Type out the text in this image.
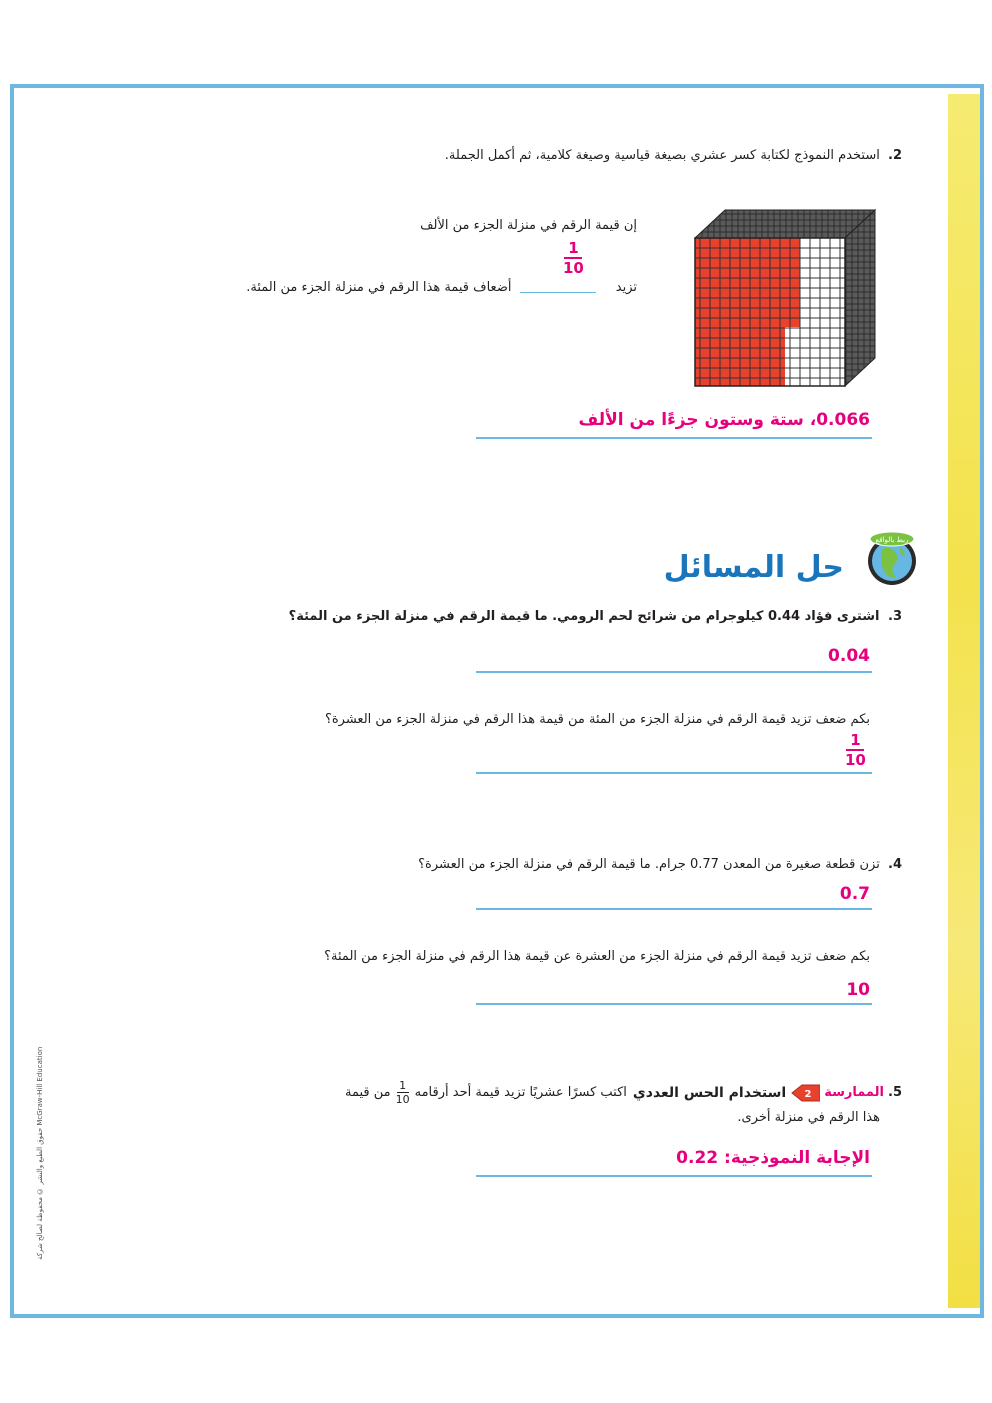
2. استخدم النموذج لكتابة كسر عشري بصيغة قياسية وصيغة كلامية، ثم أكمل الجملة.
إن قيمة الرقم في منزلة الجزء من الألف
تزيد  أضعاف قيمة هذا الرقم في منزلة الجزء من المئة.
1
10
0.066، ستة وستون جزءًا من الألف
ربط بالواقع
حل المسائل
3. اشترى فؤاد 0.44 كيلوجرام من شرائح لحم الرومي. ما قيمة الرقم في منزلة الجزء من المئة؟
0.04
بكم ضعف تزيد قيمة الرقم في منزلة الجزء من المئة من قيمة هذا الرقم في منزلة الجزء من العشرة؟
1
10
4. تزن قطعة صغيرة من المعدن 0.77 جرام. ما قيمة الرقم في منزلة الجزء من العشرة؟
0.7
بكم ضعف تزيد قيمة الرقم في منزلة الجزء من العشرة عن قيمة هذا الرقم في منزلة الجزء من المئة؟
10
5.
الممارسة
2
استخدام الحس العددي
اكتب كسرًا عشريًا تزيد قيمة أحد أرقامه
$\frac{1}{10}$
من قيمة
هذا الرقم في منزلة أخرى.
الإجابة النموذجية: 0.22
حقوق الطبع والنشر © محفوظة لصالح شركة McGraw-Hill Education
